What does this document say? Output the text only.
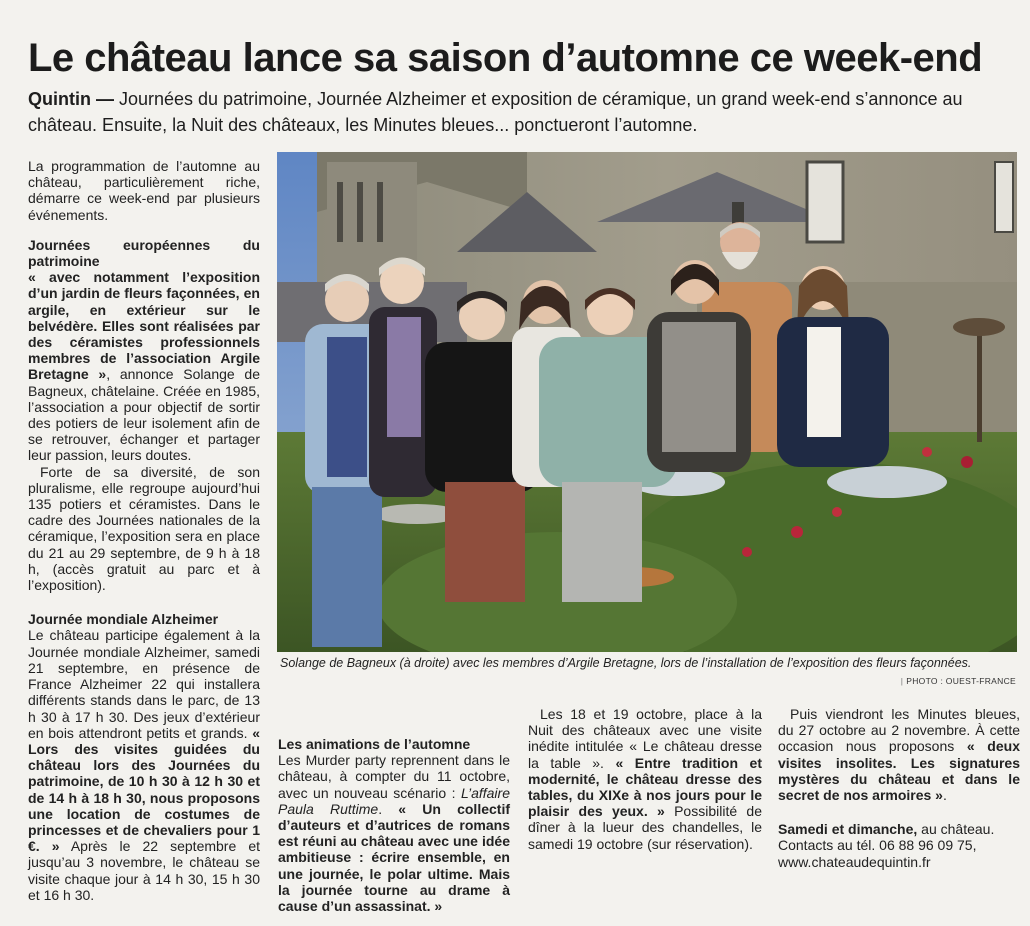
Le château lance sa saison d’automne ce week-end

Quintin — Journées du patrimoine, Journée Alzheimer et exposition de céramique, un grand week-end s’annonce au château. Ensuite, la Nuit des châteaux, les Minutes bleues... ponctueront l’automne.

La programmation de l’automne au château, particulièrement riche, démarre ce week-end par plusieurs événements.

Journées européennes du patrimoine

« avec notamment l’exposition d’un jardin de fleurs façonnées, en argile, en extérieur sur le belvédère. Elles sont réalisées par des céramistes professionnels membres de l’association Argile Bretagne », annonce Solange de Bagneux, châtelaine. Créée en 1985, l’association a pour objectif de sortir des potiers de leur isolement afin de se retrouver, échanger et partager leur passion, leurs doutes.

Forte de sa diversité, de son pluralisme, elle regroupe aujourd’hui 135 potiers et céramistes. Dans le cadre des Journées nationales de la céramique, l’exposition sera en place du 21 au 29 septembre, de 9 h à 18 h, (accès gratuit au parc et à l’exposition).

Journée mondiale Alzheimer

Le château participe également à la Journée mondiale Alzheimer, samedi 21 septembre, en présence de France Alzheimer 22 qui installera différents stands dans le parc, de 13 h 30 à 17 h 30. Des jeux d’extérieur en bois attendront petits et grands. « Lors des visites guidées du château lors des Journées du patrimoine, de 10 h 30 à 12 h 30 et de 14 h à 18 h 30, nous proposons une location de costumes de princesses et de chevaliers pour 1 €. » Après le 22 septembre et jusqu’au 3 novembre, le château se visite chaque jour à 14 h 30, 15 h 30 et 16 h 30.

Solange de Bagneux (à droite) avec les membres d’Argile Bretagne, lors de l’installation de l’exposition des fleurs façonnées.
| PHOTO : OUEST-FRANCE

Les animations de l’automne

Les Murder party reprennent dans le château, à compter du 11 octobre, avec un nouveau scénario : L’affaire Paula Ruttime. « Un collectif d’auteurs et d’autrices de romans est réuni au château avec une idée ambitieuse : écrire ensemble, en une journée, le polar ultime. Mais la journée tourne au drame à cause d’un assassinat. »

Les 18 et 19 octobre, place à la Nuit des châteaux avec une visite inédite intitulée « Le château dresse la table ». « Entre tradition et modernité, le château dresse des tables, du XIXe à nos jours pour le plaisir des yeux. » Possibilité de dîner à la lueur des chandelles, le samedi 19 octobre (sur réservation).

Puis viendront les Minutes bleues, du 27 octobre au 2 novembre. À cette occasion nous proposons « deux visites insolites. Les signatures mystères du château et dans le secret de nos armoires ».

Samedi et dimanche, au château. Contacts au tél. 06 88 96 09 75, www.chateaudequintin.fr
